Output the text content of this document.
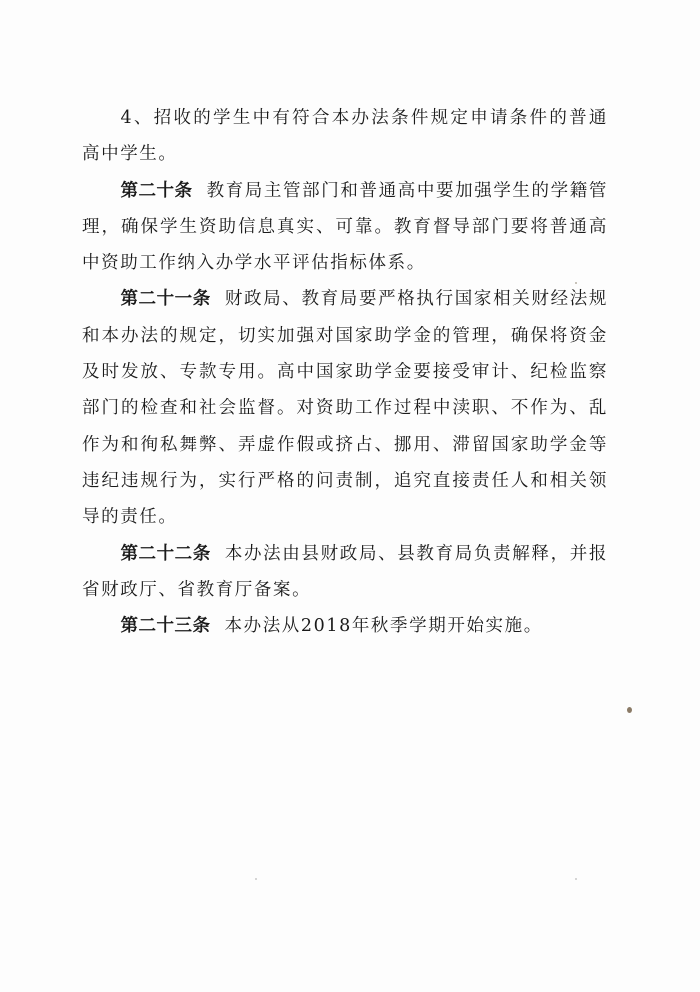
4、招收的学生中有符合本办法条件规定申请条件的普通高中学生。

第二十条 教育局主管部门和普通高中要加强学生的学籍管理，确保学生资助信息真实、可靠。教育督导部门要将普通高中资助工作纳入办学水平评估指标体系。

第二十一条 财政局、教育局要严格执行国家相关财经法规和本办法的规定，切实加强对国家助学金的管理，确保将资金及时发放、专款专用。高中国家助学金要接受审计、纪检监察部门的检查和社会监督。对资助工作过程中渎职、不作为、乱作为和徇私舞弊、弄虚作假或挤占、挪用、滞留国家助学金等违纪违规行为，实行严格的问责制，追究直接责任人和相关领导的责任。

第二十二条 本办法由县财政局、县教育局负责解释，并报省财政厅、省教育厅备案。

第二十三条 本办法从2018年秋季学期开始实施。
